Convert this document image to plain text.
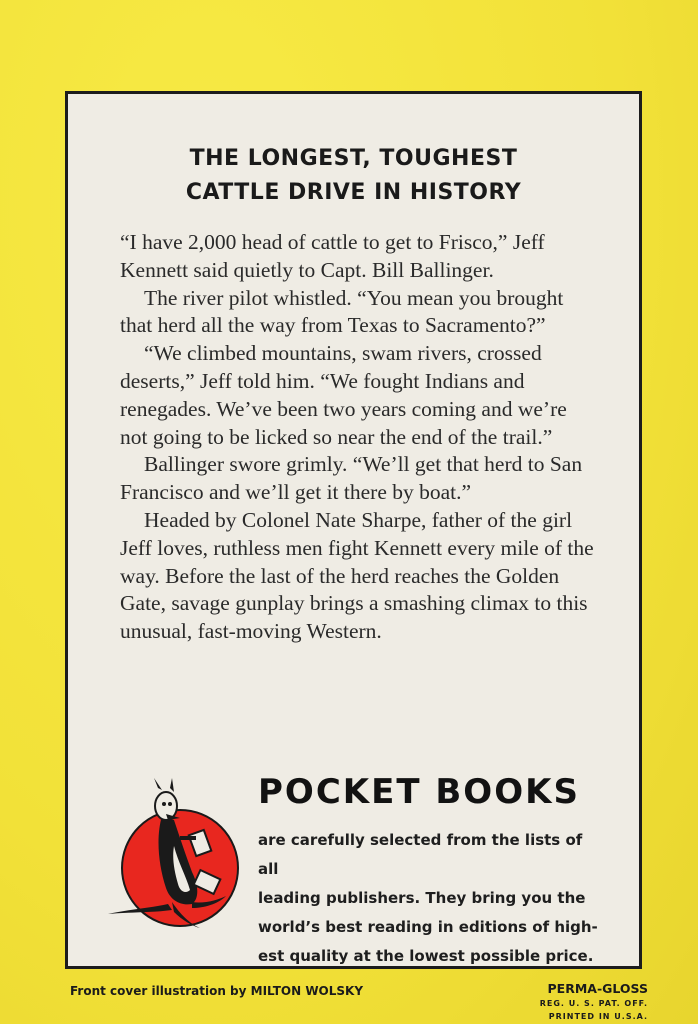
THE LONGEST, TOUGHEST
CATTLE DRIVE IN HISTORY

“I have 2,000 head of cattle to get to Frisco,” Jeff Kennett said quietly to Capt. Bill Ballinger.

The river pilot whistled. “You mean you brought that herd all the way from Texas to Sacramento?”

“We climbed mountains, swam rivers, crossed deserts,” Jeff told him. “We fought Indians and renegades. We’ve been two years coming and we’re not going to be licked so near the end of the trail.”

Ballinger swore grimly. “We’ll get that herd to San Francisco and we’ll get it there by boat.”

Headed by Colonel Nate Sharpe, father of the girl Jeff loves, ruthless men fight Kennett every mile of the way. Before the last of the herd reaches the Golden Gate, savage gunplay brings a smashing climax to this unusual, fast-moving Western.

POCKET BOOKS
are carefully selected from the lists of all
leading publishers. They bring you the
world’s best reading in editions of high-
est quality at the lowest possible price.
Front cover illustration by MILTON WOLSKY	PERMA-GLOSS
REG. U. S. PAT. OFF.
PRINTED IN U.S.A.
